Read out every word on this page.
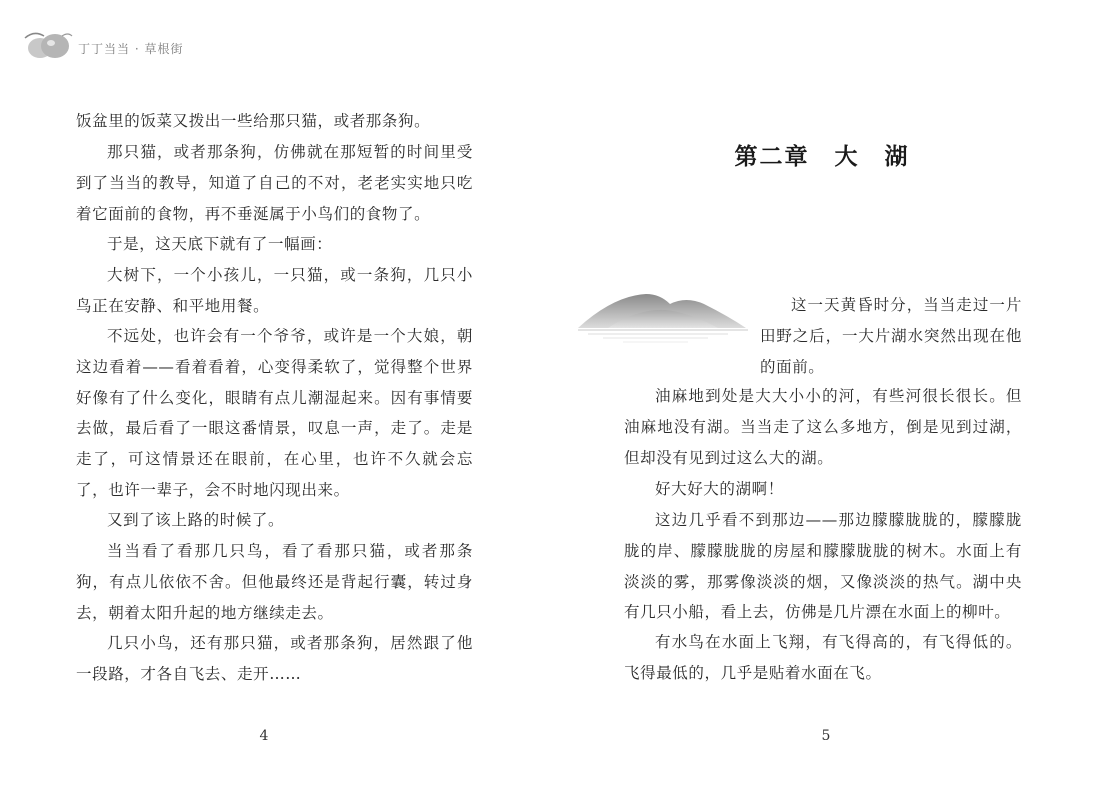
丁丁当当 · 草根街

饭盆里的饭菜又拨出一些给那只猫，或者那条狗。

那只猫，或者那条狗，仿佛就在那短暂的时间里受到了当当的教导，知道了自己的不对，老老实实地只吃着它面前的食物，再不垂涎属于小鸟们的食物了。

于是，这天底下就有了一幅画：

大树下，一个小孩儿，一只猫，或一条狗，几只小鸟正在安静、和平地用餐。

不远处，也许会有一个爷爷，或许是一个大娘，朝这边看着——看着看着，心变得柔软了，觉得整个世界好像有了什么变化，眼睛有点儿潮湿起来。因有事情要去做，最后看了一眼这番情景，叹息一声，走了。走是走了，可这情景还在眼前，在心里，也许不久就会忘了，也许一辈子，会不时地闪现出来。

又到了该上路的时候了。

当当看了看那几只鸟，看了看那只猫，或者那条狗，有点儿依依不舍。但他最终还是背起行囊，转过身去，朝着太阳升起的地方继续走去。

几只小鸟，还有那只猫，或者那条狗，居然跟了他一段路，才各自飞去、走开……

4
第二章　大　湖

这一天黄昏时分，当当走过一片田野之后，一大片湖水突然出现在他的面前。

油麻地到处是大大小小的河，有些河很长很长。但油麻地没有湖。当当走了这么多地方，倒是见到过湖，但却没有见到过这么大的湖。

好大好大的湖啊！

这边几乎看不到那边——那边朦朦胧胧的，朦朦胧胧的岸、朦朦胧胧的房屋和朦朦胧胧的树木。水面上有淡淡的雾，那雾像淡淡的烟，又像淡淡的热气。湖中央有几只小船，看上去，仿佛是几片漂在水面上的柳叶。

有水鸟在水面上飞翔，有飞得高的，有飞得低的。飞得最低的，几乎是贴着水面在飞。

5
